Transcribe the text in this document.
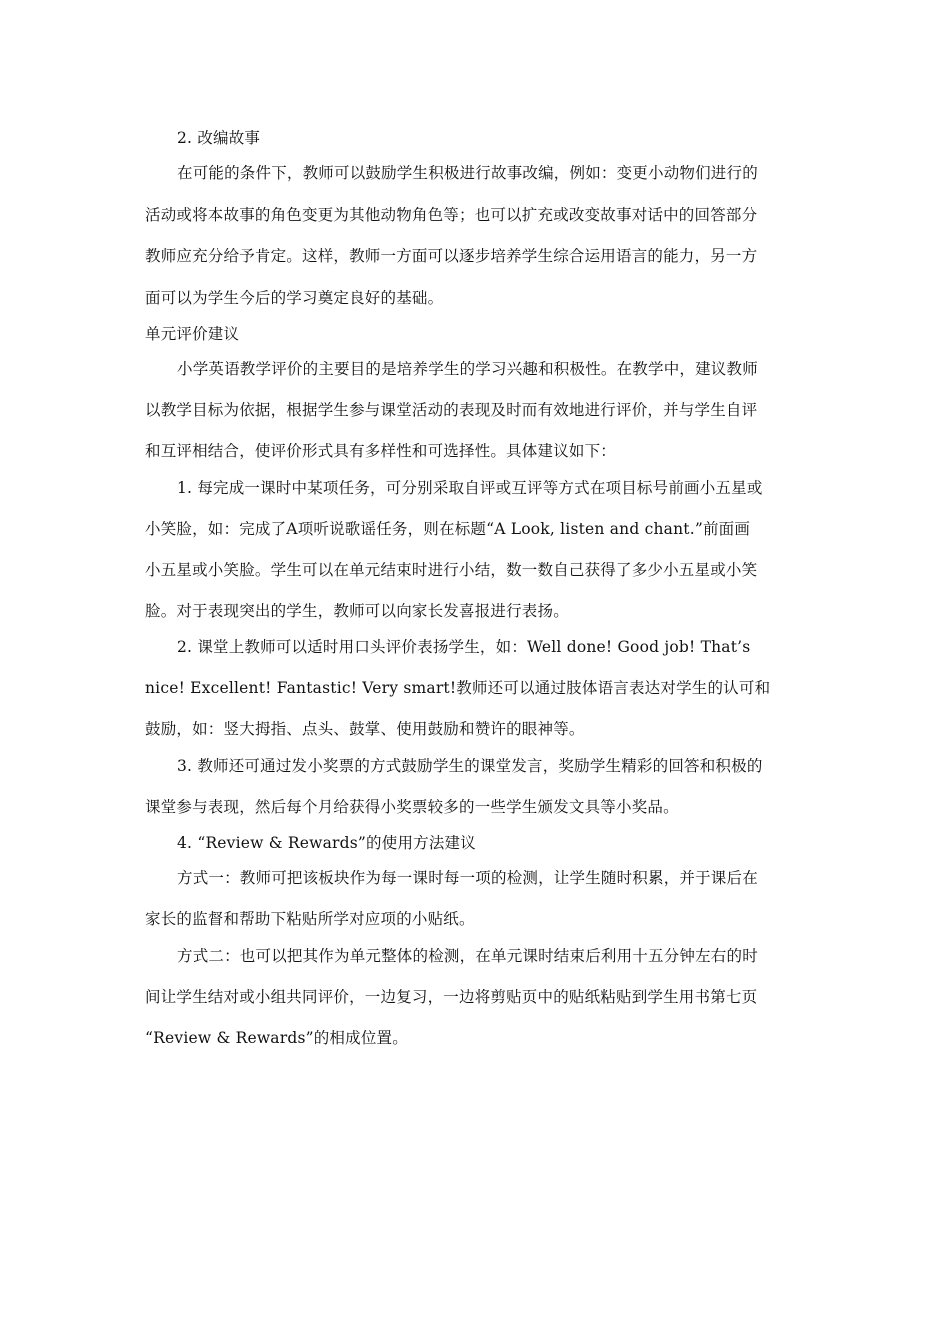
2. 改编故事
在可能的条件下，教师可以鼓励学生积极进行故事改编，例如：变更小动物们进行的
活动或将本故事的角色变更为其他动物角色等；也可以扩充或改变故事对话中的回答部分
教师应充分给予肯定。这样，教师一方面可以逐步培养学生综合运用语言的能力，另一方
面可以为学生今后的学习奠定良好的基础。
单元评价建议
小学英语教学评价的主要目的是培养学生的学习兴趣和积极性。在教学中，建议教师
以教学目标为依据，根据学生参与课堂活动的表现及时而有效地进行评价，并与学生自评
和互评相结合，使评价形式具有多样性和可选择性。具体建议如下：
1. 每完成一课时中某项任务，可分别采取自评或互评等方式在项目标号前画小五星或
小笑脸，如：完成了A项听说歌谣任务，则在标题“A Look, listen and chant.”前面画
小五星或小笑脸。学生可以在单元结束时进行小结，数一数自己获得了多少小五星或小笑
脸。对于表现突出的学生，教师可以向家长发喜报进行表扬。
2. 课堂上教师可以适时用口头评价表扬学生，如：Well done! Good job! That’s
nice! Excellent! Fantastic! Very smart!教师还可以通过肢体语言表达对学生的认可和
鼓励，如：竖大拇指、点头、鼓掌、使用鼓励和赞许的眼神等。
3. 教师还可通过发小奖票的方式鼓励学生的课堂发言，奖励学生精彩的回答和积极的
课堂参与表现，然后每个月给获得小奖票较多的一些学生颁发文具等小奖品。
4. “Review & Rewards”的使用方法建议
方式一：教师可把该板块作为每一课时每一项的检测，让学生随时积累，并于课后在
家长的监督和帮助下粘贴所学对应项的小贴纸。
方式二：也可以把其作为单元整体的检测，在单元课时结束后利用十五分钟左右的时
间让学生结对或小组共同评价，一边复习，一边将剪贴页中的贴纸粘贴到学生用书第七页
“Review & Rewards”的相成位置。
